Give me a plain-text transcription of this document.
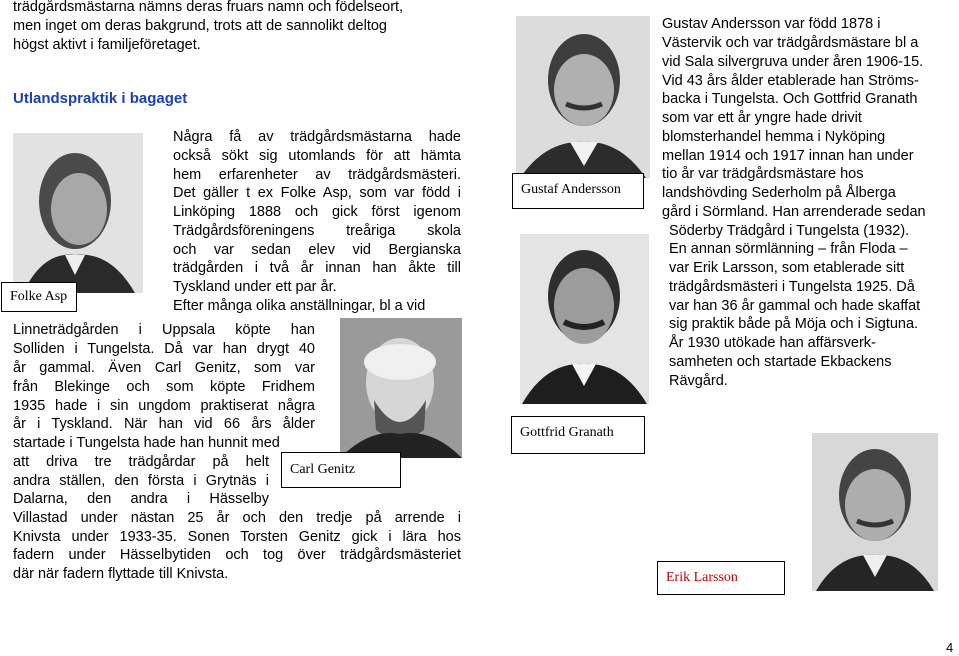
trädgårdsmästarna nämns deras fruars namn och födelseort,
men inget om deras bakgrund, trots att de sannolikt deltog
högst aktivt i familjeföretaget.
Utlandspraktik i bagaget
Folke Asp
Några få av trädgårdsmästarna hade
också sökt sig utomlands för att hämta
hem erfarenheter av trädgårdsmästeri.
Det gäller t ex Folke Asp, som var född i
Linköping 1888 och gick först igenom
Trädgårdsföreningens treåriga skola
och var sedan elev vid Bergianska
trädgården i två år innan han åkte till
Tyskland under ett par år.
Efter många olika anställningar, bl a vid
Linneträdgården i Uppsala köpte han
Solliden i Tungelsta. Då var han drygt 40
år gammal. Även Carl Genitz, som var
från Blekinge och som köpte Fridhem
1935 hade i sin ungdom praktiserat några
år i Tyskland. När han vid 66 års ålder
startade i Tungelsta hade han hunnit med
att driva tre trädgårdar på helt
andra ställen, den första i Grytnäs i
Dalarna, den andra i Hässelby
Carl Genitz
Villastad under nästan 25 år och den tredje på arrende i
Knivsta under 1933-35. Sonen Torsten Genitz gick i lära hos
fadern under Hässelbytiden och tog över trädgårdsmästeriet
där när fadern flyttade till Knivsta.
Gustaf Andersson
Gottfrid Granath
Gustav Andersson var född 1878 i
Västervik och var trädgårdsmästare bl a
vid Sala silvergruva under åren 1906-15.
Vid 43 års ålder etablerade han Ströms-
backa i Tungelsta. Och Gottfrid Granath
som var ett år yngre hade drivit
blomsterhandel hemma i Nyköping
mellan 1914 och 1917 innan han under
tio år var trädgårdsmästare hos
landshövding Sederholm på Ålberga
gård i Sörmland. Han arrenderade sedan
Söderby Trädgård i Tungelsta (1932).
En annan sörmlänning – från Floda –
var Erik Larsson, som etablerade sitt
trädgårdsmästeri i Tungelsta 1925. Då
var han 36 år gammal och hade skaffat
sig praktik både på Möja och i Sigtuna.
År 1930 utökade han affärsverk-
samheten och startade Ekbackens
Rävgård.
Erik Larsson
4
